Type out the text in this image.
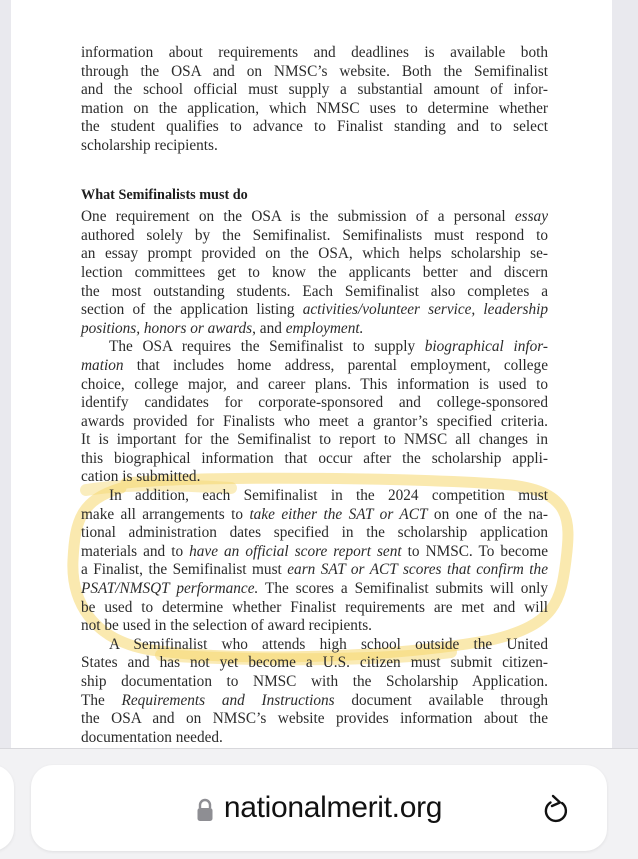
information about requirements and deadlines is available both
through the OSA and on NMSC’s website. Both the Semifinalist
and the school official must supply a substantial amount of infor-
mation on the application, which NMSC uses to determine whether
the student qualifies to advance to Finalist standing and to select
scholarship recipients.

What Semifinalists must do

One requirement on the OSA is the submission of a personal essay
authored solely by the Semifinalist. Semifinalists must respond to
an essay prompt provided on the OSA, which helps scholarship se-
lection committees get to know the applicants better and discern
the most outstanding students. Each Semifinalist also completes a
section of the application listing activities/volunteer service, leadership
positions, honors or awards, and employment.

The OSA requires the Semifinalist to supply biographical infor-
mation that includes home address, parental employment, college
choice, college major, and career plans. This information is used to
identify candidates for corporate-sponsored and college-sponsored
awards provided for Finalists who meet a grantor’s specified criteria.
It is important for the Semifinalist to report to NMSC all changes in
this biographical information that occur after the scholarship appli-
cation is submitted.

In addition, each Semifinalist in the 2024 competition must
make all arrangements to take either the SAT or ACT on one of the na-
tional administration dates specified in the scholarship application
materials and to have an official score report sent to NMSC. To become
a Finalist, the Semifinalist must earn SAT or ACT scores that confirm the
PSAT/NMSQT performance. The scores a Semifinalist submits will only
be used to determine whether Finalist requirements are met and will
not be used in the selection of award recipients.

A Semifinalist who attends high school outside the United
States and has not yet become a U.S. citizen must submit citizen-
ship documentation to NMSC with the Scholarship Application.
The Requirements and Instructions document available through
the OSA and on NMSC’s website provides information about the
documentation needed.

nationalmerit.org
